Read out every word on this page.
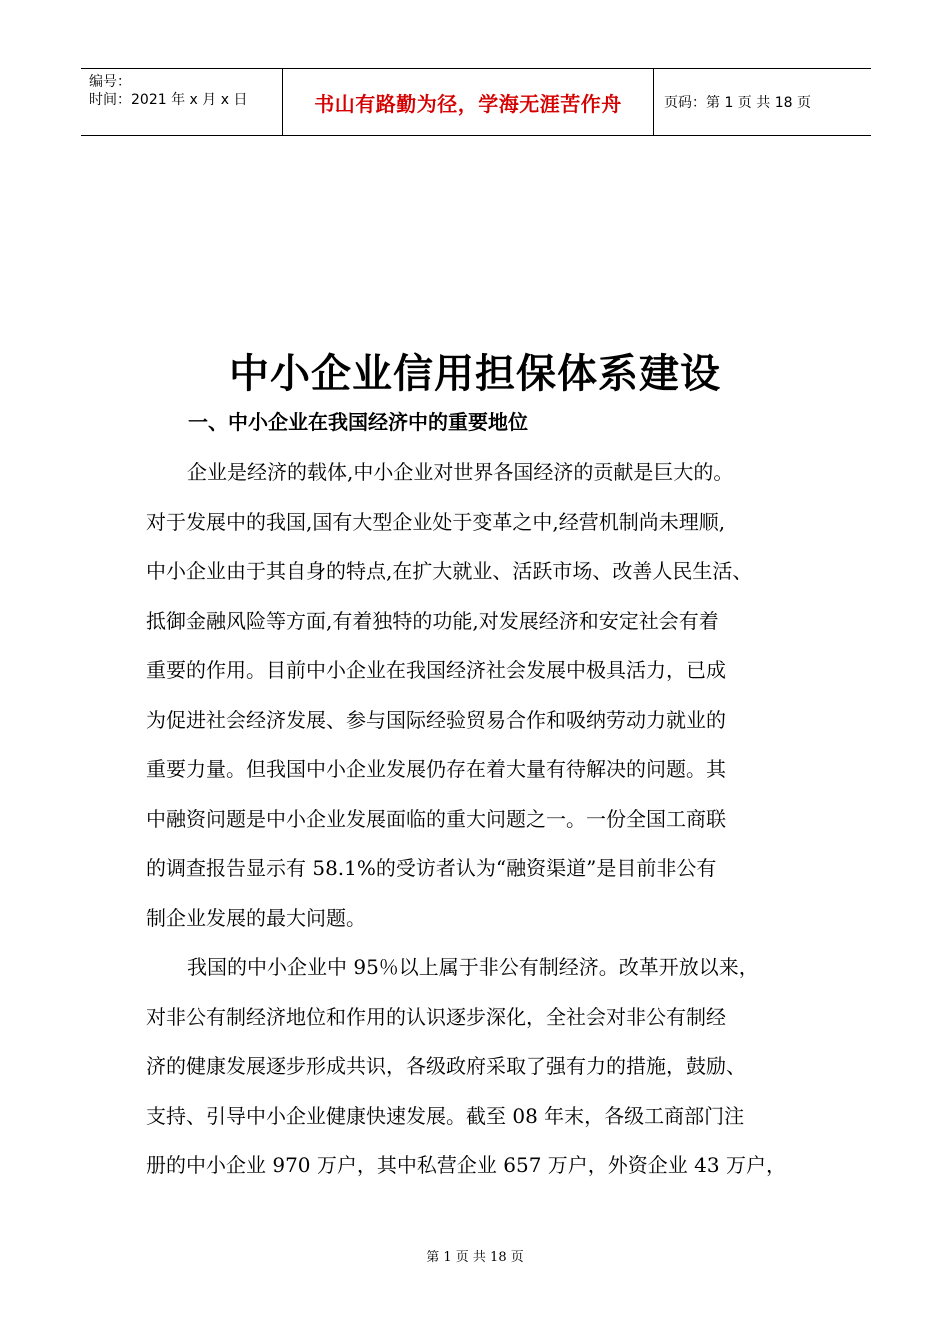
编号：
时间：2021 年 x 月 x 日	书山有路勤为径，学海无涯苦作舟	页码：第 1 页 共 18 页
中小企业信用担保体系建设
一、中小企业在我国经济中的重要地位
企业是经济的载体,中小企业对世界各国经济的贡献是巨大的。
对于发展中的我国,国有大型企业处于变革之中,经营机制尚未理顺,
中小企业由于其自身的特点,在扩大就业、活跃市场、改善人民生活、
抵御金融风险等方面,有着独特的功能,对发展经济和安定社会有着
重要的作用。目前中小企业在我国经济社会发展中极具活力，已成
为促进社会经济发展、参与国际经验贸易合作和吸纳劳动力就业的
重要力量。但我国中小企业发展仍存在着大量有待解决的问题。其
中融资问题是中小企业发展面临的重大问题之一。一份全国工商联
的调查报告显示有 58.1%的受访者认为“融资渠道”是目前非公有
制企业发展的最大问题。
我国的中小企业中 95％以上属于非公有制经济。改革开放以来，
对非公有制经济地位和作用的认识逐步深化，全社会对非公有制经
济的健康发展逐步形成共识，各级政府采取了强有力的措施，鼓励、
支持、引导中小企业健康快速发展。截至 08 年末，各级工商部门注
册的中小企业 970 万户，其中私营企业 657 万户，外资企业 43 万户，
第 1 页 共 18 页
